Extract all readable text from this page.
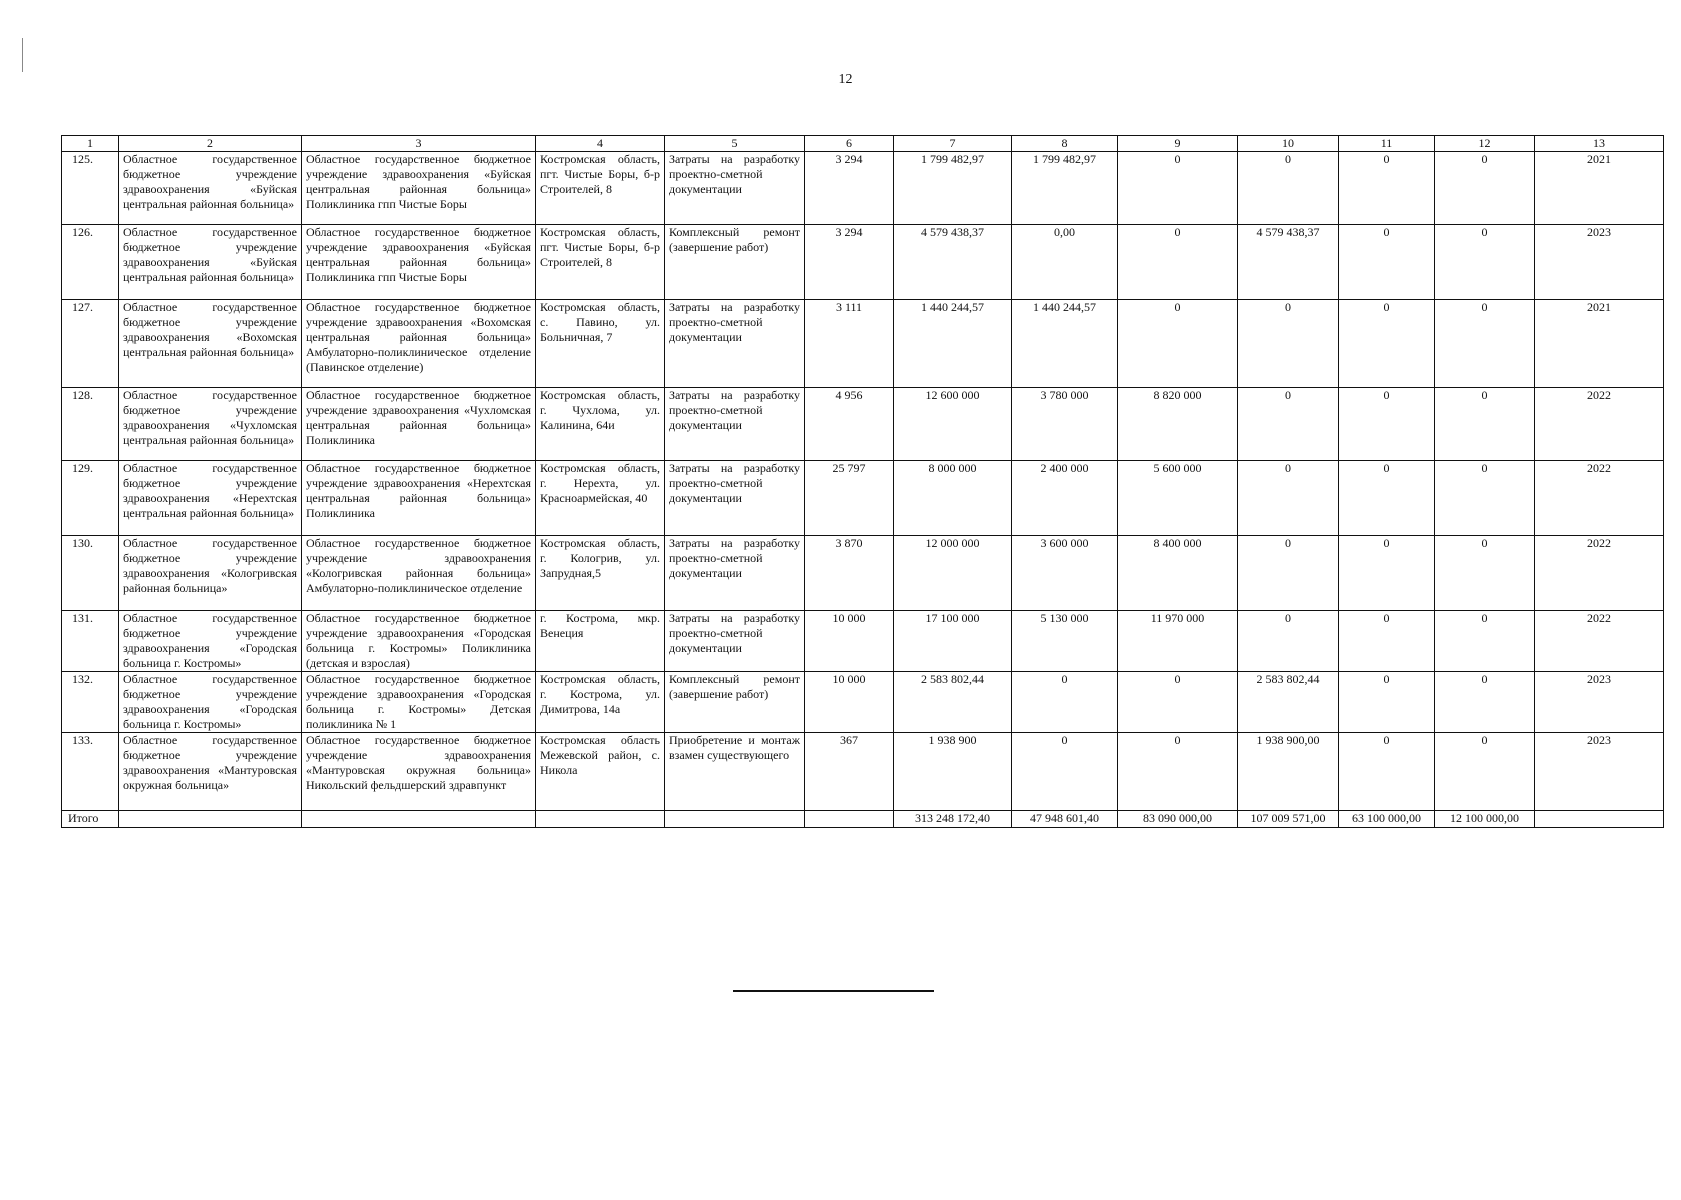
12
1	2	3	4	5	6	7	8	9	10	11	12	13
125.	Областное государственное бюджетное учреждение здравоохранения «Буйская центральная районная больница»	Областное государственное бюджетное учреждение здравоохранения «Буйская центральная районная больница» Поликлиника гпп Чистые Боры	Костромская область, пгт. Чистые Боры, б-р Строителей, 8	Затраты на разработку проектно-сметной документации	3 294	1 799 482,97	1 799 482,97	0	0	0	0	2021
126.	Областное государственное бюджетное учреждение здравоохранения «Буйская центральная районная больница»	Областное государственное бюджетное учреждение здравоохранения «Буйская центральная районная больница» Поликлиника гпп Чистые Боры	Костромская область, пгт. Чистые Боры, б-р Строителей, 8	Комплексный ремонт (завершение работ)	3 294	4 579 438,37	0,00	0	4 579 438,37	0	0	2023
127.	Областное государственное бюджетное учреждение здравоохранения «Вохомская центральная районная больница»	Областное государственное бюджетное учреждение здравоохранения «Вохомская центральная районная больница» Амбулаторно-поликлиническое отделение (Павинское отделение)	Костромская область, с. Павино, ул. Больничная, 7	Затраты на разработку проектно-сметной документации	3 111	1 440 244,57	1 440 244,57	0	0	0	0	2021
128.	Областное государственное бюджетное учреждение здравоохранения «Чухломская центральная районная больница»	Областное государственное бюджетное учреждение здравоохранения «Чухломская центральная районная больница» Поликлиника	Костромская область, г. Чухлома, ул. Калинина, 64и	Затраты на разработку проектно-сметной документации	4 956	12 600 000	3 780 000	8 820 000	0	0	0	2022
129.	Областное государственное бюджетное учреждение здравоохранения «Нерехтская центральная районная больница»	Областное государственное бюджетное учреждение здравоохранения «Нерехтская центральная районная больница» Поликлиника	Костромская область, г. Нерехта, ул. Красноармейская, 40	Затраты на разработку проектно-сметной документации	25 797	8 000 000	2 400 000	5 600 000	0	0	0	2022
130.	Областное государственное бюджетное учреждение здравоохранения «Кологривская районная больница»	Областное государственное бюджетное учреждение здравоохранения «Кологривская районная больница» Амбулаторно-поликлиническое отделение	Костромская область, г. Кологрив, ул. Запрудная,5	Затраты на разработку проектно-сметной документации	3 870	12 000 000	3 600 000	8 400 000	0	0	0	2022
131.	Областное государственное бюджетное учреждение здравоохранения «Городская больница г. Костромы»	Областное государственное бюджетное учреждение здравоохранения «Городская больница г. Костромы» Поликлиника (детская и взрослая)	г. Кострома, мкр. Венеция	Затраты на разработку проектно-сметной документации	10 000	17 100 000	5 130 000	11 970 000	0	0	0	2022
132.	Областное государственное бюджетное учреждение здравоохранения «Городская больница г. Костромы»	Областное государственное бюджетное учреждение здравоохранения «Городская больница г. Костромы» Детская поликлиника № 1	Костромская область, г. Кострома, ул. Димитрова, 14а	Комплексный ремонт (завершение работ)	10 000	2 583 802,44	0	0	2 583 802,44	0	0	2023
133.	Областное государственное бюджетное учреждение здравоохранения «Мантуровская окружная больница»	Областное государственное бюджетное учреждение здравоохранения «Мантуровская окружная больница» Никольский фельдшерский здравпункт	Костромская область Межевской район, с. Никола	Приобретение и монтаж взамен существующего	367	1 938 900	0	0	1 938 900,00	0	0	2023
Итого						313 248 172,40	47 948 601,40	83 090 000,00	107 009 571,00	63 100 000,00	12 100 000,00	
